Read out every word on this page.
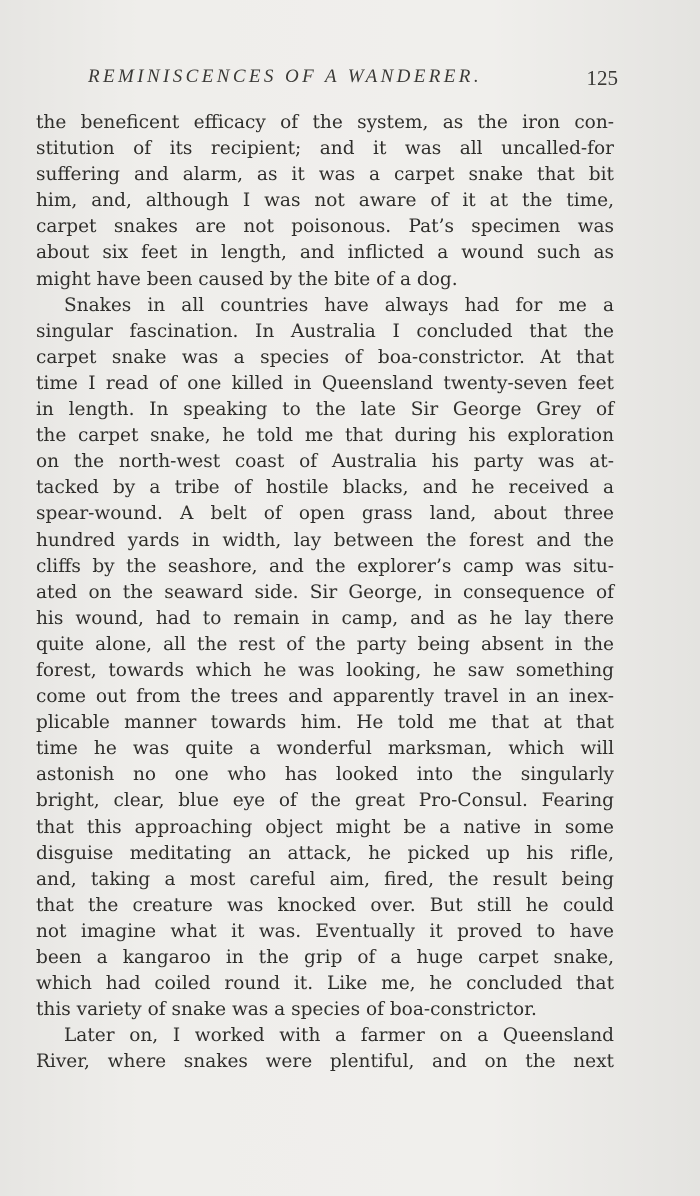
REMINISCENCES OF A WANDERER.	125
the beneficent efficacy of the system, as the iron con-
stitution of its recipient; and it was all uncalled-for
suffering and alarm, as it was a carpet snake that bit
him, and, although I was not aware of it at the time,
carpet snakes are not poisonous. Pat’s specimen was
about six feet in length, and inflicted a wound such as
might have been caused by the bite of a dog.
Snakes in all countries have always had for me a
singular fascination. In Australia I concluded that the
carpet snake was a species of boa-constrictor. At that
time I read of one killed in Queensland twenty-seven feet
in length. In speaking to the late Sir George Grey of
the carpet snake, he told me that during his exploration
on the north-west coast of Australia his party was at-
tacked by a tribe of hostile blacks, and he received a
spear-wound. A belt of open grass land, about three
hundred yards in width, lay between the forest and the
cliffs by the seashore, and the explorer’s camp was situ-
ated on the seaward side. Sir George, in consequence of
his wound, had to remain in camp, and as he lay there
quite alone, all the rest of the party being absent in the
forest, towards which he was looking, he saw something
come out from the trees and apparently travel in an inex-
plicable manner towards him. He told me that at that
time he was quite a wonderful marksman, which will
astonish no one who has looked into the singularly
bright, clear, blue eye of the great Pro-Consul. Fearing
that this approaching object might be a native in some
disguise meditating an attack, he picked up his rifle,
and, taking a most careful aim, fired, the result being
that the creature was knocked over. But still he could
not imagine what it was. Eventually it proved to have
been a kangaroo in the grip of a huge carpet snake,
which had coiled round it. Like me, he concluded that
this variety of snake was a species of boa-constrictor.
Later on, I worked with a farmer on a Queensland
River, where snakes were plentiful, and on the next
